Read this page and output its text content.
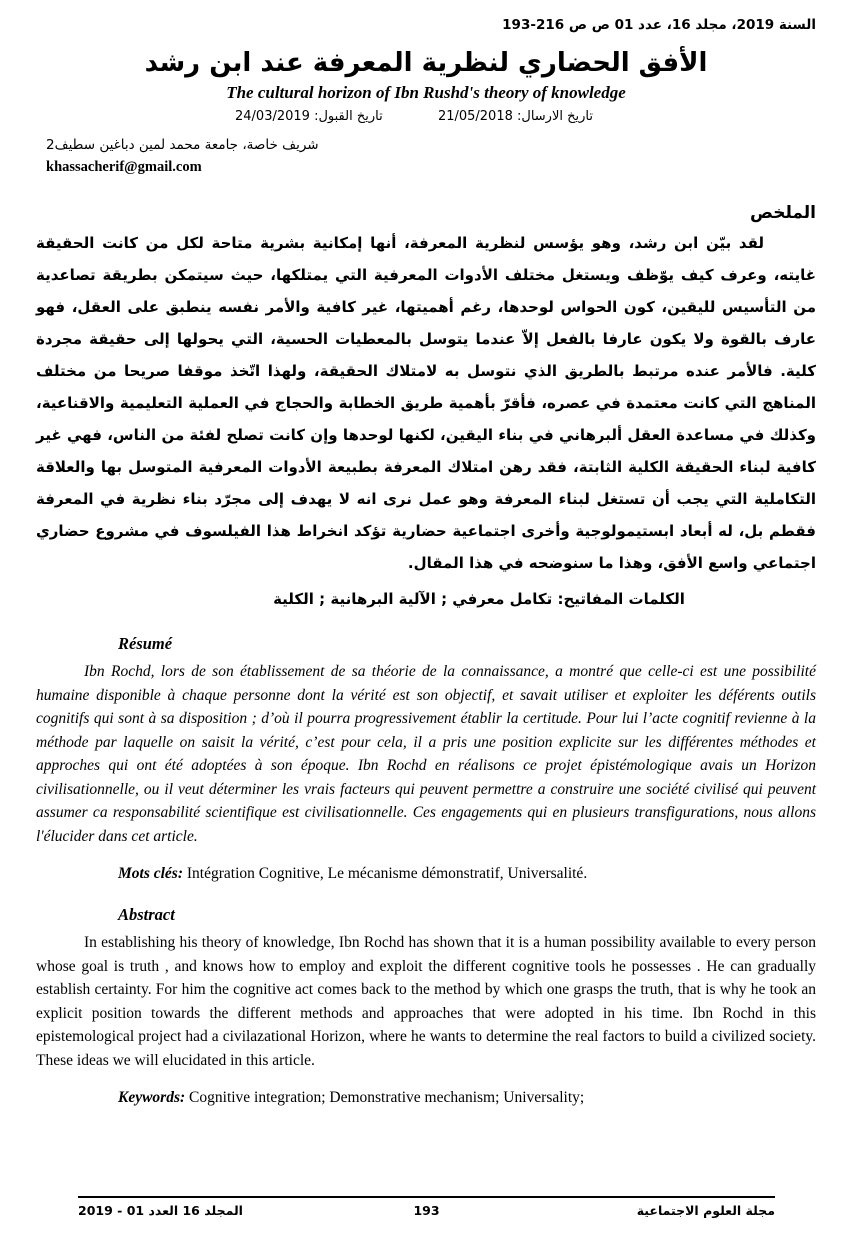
السنة 2019، مجلد 16، عدد 01 ص ص 216-193
الأفق الحضاري لنظرية المعرفة عند ابن رشد
The cultural horizon of Ibn Rushd's theory of knowledge
تاريخ الارسال: 21/05/2018
تاريخ القبول: 24/03/2019
شريف خاصة، جامعة محمد لمين دباغين سطيف2
khassacherif@gmail.com
الملخص
لقد بيّن ابن رشد، وهو يؤسس لنظرية المعرفة، أنها إمكانية بشرية متاحة لكل من كانت الحقيقة غايته، وعرف كيف يوّظف ويستغل مختلف الأدوات المعرفية التي يمتلكها، حيث سيتمكن بطريقة تصاعدية من التأسيس لليقين، كون الحواس لوحدها، رغم أهميتها، غير كافية والأمر نفسه ينطبق على العقل، فهو عارف بالقوة ولا يكون عارفا بالفعل إلاّ عندما يتوسل بالمعطيات الحسية، التي يحولها إلى حقيقة مجردة كلية. فالأمر عنده مرتبط بالطريق الذي نتوسل به لامتلاك الحقيقة، ولهذا اتّخذ موقفا صريحا من مختلف المناهج التي كانت معتمدة في عصره، فأقرّ بأهمية طريق الخطابة والحجاج في العملية التعليمية والاقناعية، وكذلك في مساعدة العقل ألبرهاني في بناء اليقين، لكنها لوحدها وإن كانت تصلح لفئة من الناس، فهي غير كافية لبناء الحقيقة الكلية الثابتة، فقد رهن امتلاك المعرفة بطبيعة الأدوات المعرفية المتوسل بها والعلاقة التكاملية التي يجب أن تستغل لبناء المعرفة وهو عمل نرى انه لا يهدف إلى مجرّد بناء نظرية في المعرفة فقطم بل، له أبعاد ابستيمولوجية وأخرى اجتماعية حضارية تؤكد انخراط هذا الفيلسوف في مشروع حضاري اجتماعي واسع الأفق، وهذا ما سنوضحه في هذا المقال.
الكلمات المفاتيح: تكامل معرفي ; الآلية البرهانية ; الكلية
Résumé
Ibn Rochd, lors de son établissement de sa théorie de la connaissance, a montré que celle-ci est une possibilité humaine disponible à chaque personne dont la vérité est son objectif, et savait utiliser et exploiter les déférents outils cognitifs qui sont à sa disposition ; d’où il pourra progressivement établir la certitude. Pour lui l’acte cognitif revienne à la méthode par laquelle on saisit la vérité, c’est pour cela, il a pris une position explicite sur les différentes méthodes et approches qui ont été adoptées à son époque. Ibn Rochd en réalisons ce projet épistémologique avais un Horizon civilisationnelle, ou il veut déterminer les vrais facteurs qui peuvent permettre a construire une société civilisé qui peuvent assumer ca responsabilité scientifique est civilisationnelle. Ces engagements qui en plusieurs transfigurations, nous allons l'élucider dans cet article.
Mots clés: Intégration Cognitive, Le mécanisme démonstratif, Universalité.
Abstract
In establishing his theory of knowledge, Ibn Rochd has shown that it is a human possibility available to every person whose goal is truth , and knows how to employ and exploit the different cognitive tools he possesses . He can gradually establish certainty. For him the cognitive act comes back to the method by which one grasps the truth, that is why he took an explicit position towards the different methods and approaches that were adopted in his time. Ibn Rochd in this epistemological project had a civilazational Horizon, where he wants to determine the real factors to build a civilized society. These ideas we will elucidated in this article.
Keywords: Cognitive integration; Demonstrative mechanism; Universality;
المجلد 16 العدد 01 - 2019	193	مجلة العلوم الاجتماعية
